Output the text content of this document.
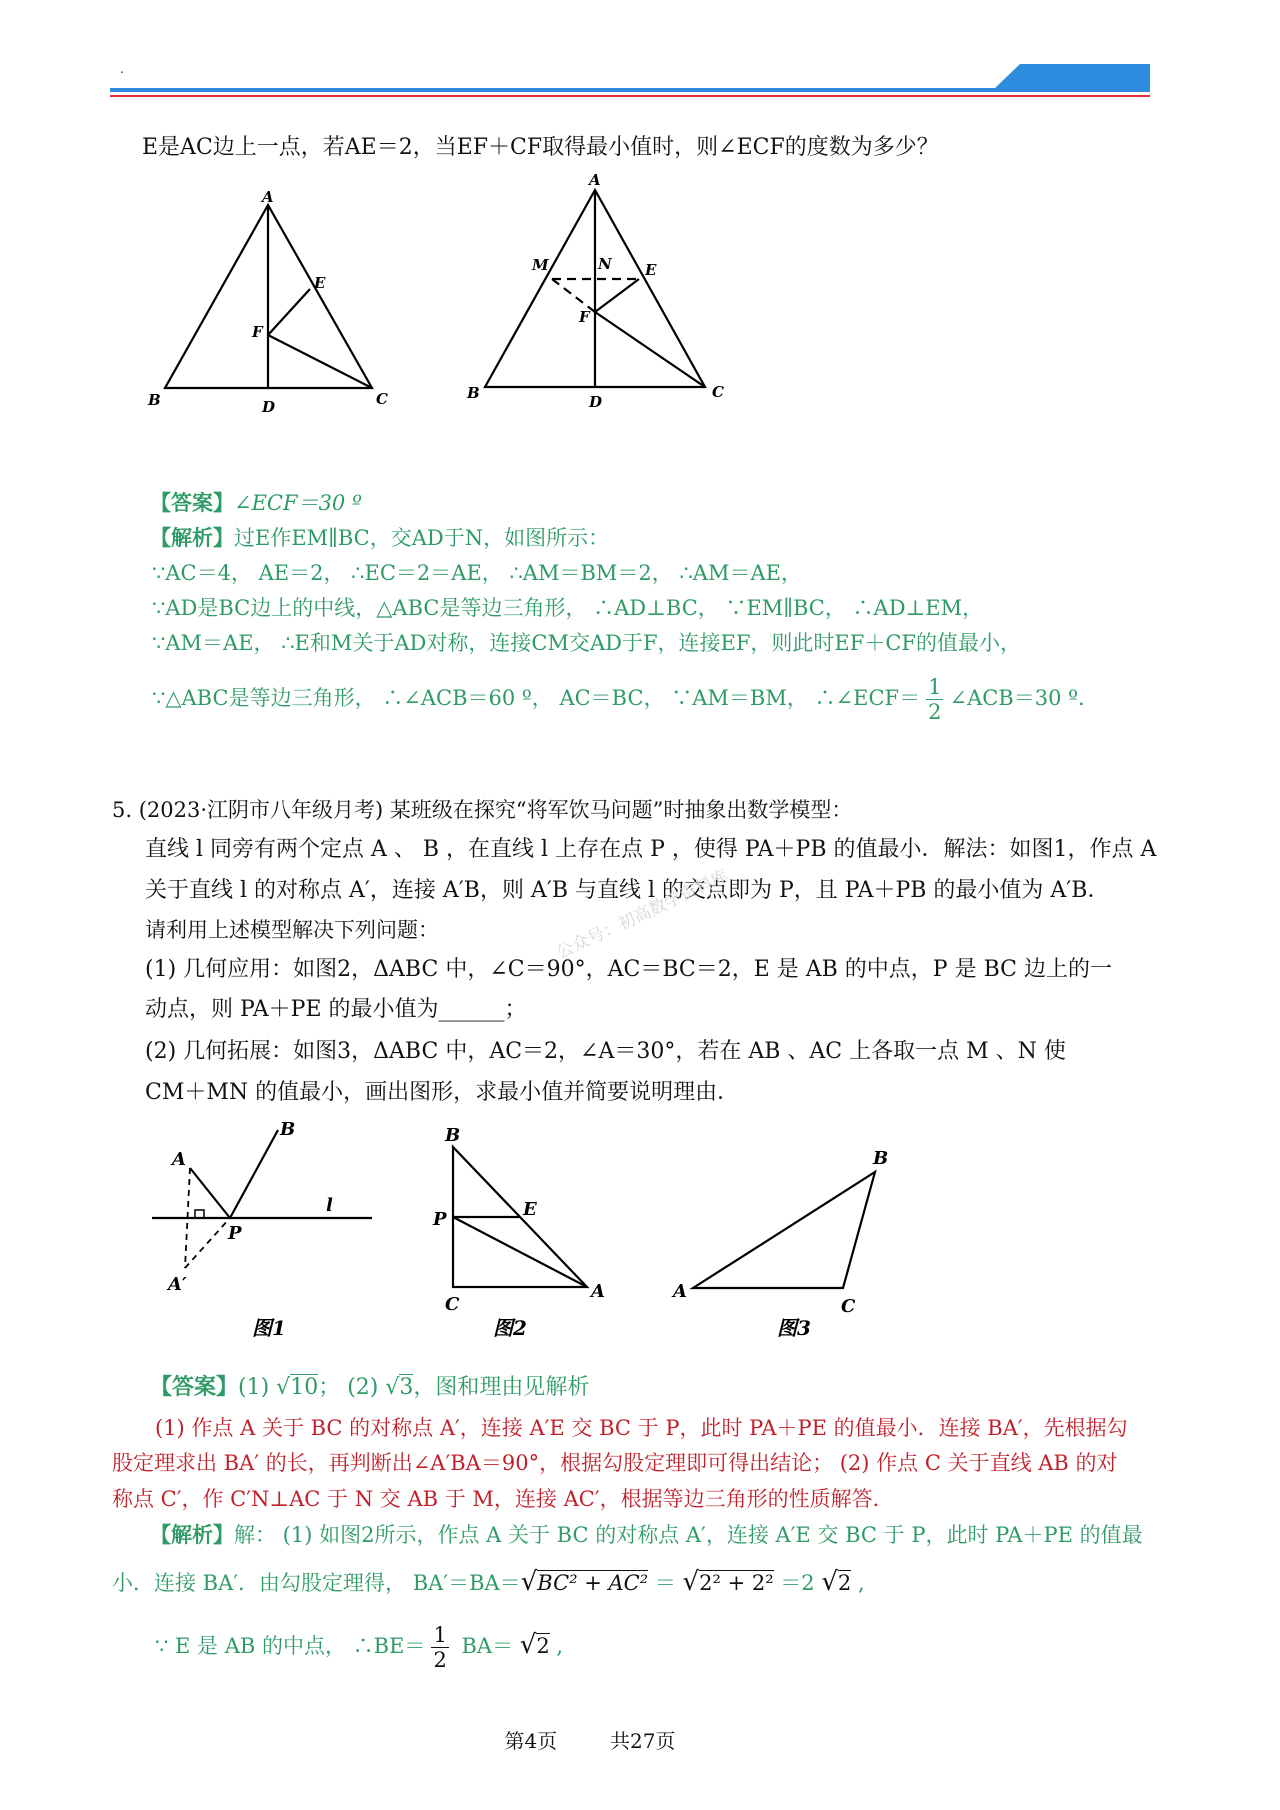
.
E是AC边上一点，若AE＝2，当EF＋CF取得最小值时，则∠ECF的度数为多少？
A
B	C
D
E
F
A
M	N E
F
B	C
D
【答案】∠ECF＝30 º
【解析】过E作EM∥BC，交AD于N，如图所示：
∵AC＝4， AE＝2， ∴EC＝2＝AE， ∴AM＝BM＝2， ∴AM＝AE，
∵AD是BC边上的中线，△ABC是等边三角形， ∴AD⊥BC， ∵EM∥BC， ∴AD⊥EM，
∵AM＝AE， ∴E和M关于AD对称，连接CM交AD于F，连接EF，则此时EF＋CF的值最小，
∵△ABC是等边三角形， ∴∠ACB＝60 º， AC＝BC， ∵AM＝BM， ∴∠ECF＝ $\frac{1}{2}$ ∠ACB＝30 º.
5. (2023·江阴市八年级月考) 某班级在探究“将军饮马问题”时抽象出数学模型：
直线 l 同旁有两个定点 A 、 B ，在直线 l 上存在点 P ，使得 PA＋PB 的值最小．解法：如图1，作点 A
关于直线 l 的对称点 A′，连接 A′B，则 A′B 与直线 l 的交点即为 P，且 PA＋PB 的最小值为 A′B．
请利用上述模型解决下列问题：
(1) 几何应用：如图2，ΔABC 中，∠C＝90°，AC＝BC＝2，E 是 AB 的中点，P 是 BC 边上的一
动点，则 PA＋PE 的最小值为______；
(2) 几何拓展：如图3，ΔABC 中，AC＝2，∠A＝30°，若在 AB 、AC 上各取一点 M 、N 使
CM＋MN 的值最小，画出图形，求最小值并简要说明理由．
公众号：初高数学资料库
A
B
P
A′
l
图1
B
E
P
C
A
图2
B
A
C
图3
【答案】(1) √10； (2) √3，图和理由见解析
(1) 作点 A 关于 BC 的对称点 A′，连接 A′E 交 BC 于 P，此时 PA＋PE 的值最小．连接 BA′，先根据勾
股定理求出 BA′ 的长，再判断出∠A′BA＝90°，根据勾股定理即可得出结论； (2) 作点 C 关于直线 AB 的对
称点 C′，作 C′N⊥AC 于 N 交 AB 于 M，连接 AC′，根据等边三角形的性质解答．
【解析】解： (1) 如图2所示，作点 A 关于 BC 的对称点 A′，连接 A′E 交 BC 于 P，此时 PA＋PE 的值最
小．连接 BA′．由勾股定理得， BA′＝BA＝√BC² + AC² ＝ √2² + 2² ＝2 √2 ,
∵ E 是 AB 的中点， ∴BE＝ $\frac{1}{2} BA= √2$ ,
第4页	共27页
